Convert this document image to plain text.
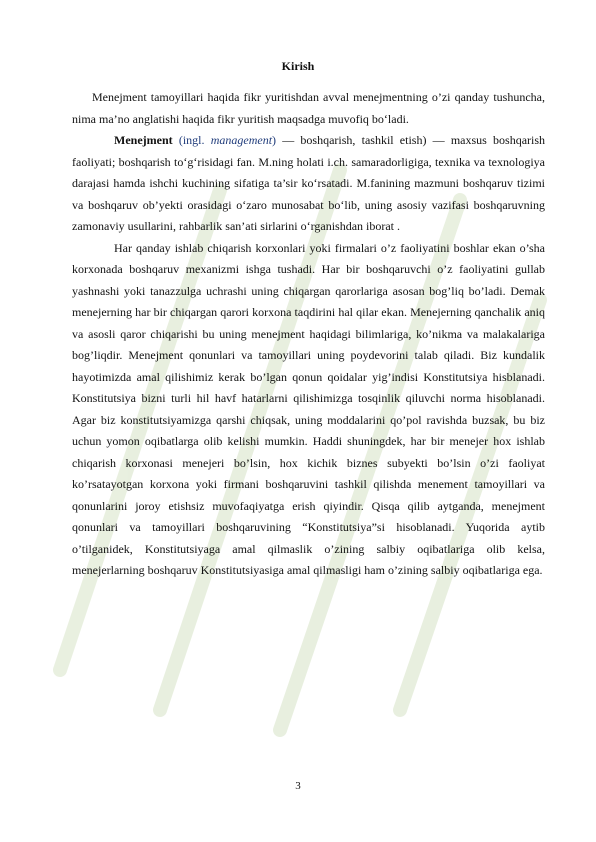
Kirish

Menejment tamoyillari haqida fikr yuritishdan avval menejmentning o’zi qanday tushuncha, nima ma’no anglatishi haqida fikr yuritish maqsadga muvofiq bo‘ladi.

Menejment (ingl. management) — boshqarish, tashkil etish) — maxsus boshqarish faoliyati; boshqarish to‘g‘risidagi fan. M.ning holati i.ch. samaradorligiga, texnika va texnologiya darajasi hamda ishchi kuchining sifatiga ta’sir ko‘rsatadi. M.fanining mazmuni boshqaruv tizimi va boshqaruv ob’yekti orasidagi o‘zaro munosabat bo‘lib, uning asosiy vazifasi boshqaruvning zamonaviy usullarini, rahbarlik san’ati sirlarini o‘rganishdan iborat .

Har qanday ishlab chiqarish korxonlari yoki firmalari o’z faoliyatini boshlar ekan o’sha korxonada boshqaruv mexanizmi ishga tushadi. Har bir boshqaruvchi o’z faoliyatini gullab yashnashi yoki tanazzulga uchrashi uning chiqargan qarorlariga asosan bog’liq bo’ladi. Demak menejerning har bir chiqargan qarori korxona taqdirini hal qilar ekan. Menejerning qanchalik aniq va asosli qaror chiqarishi bu uning menejment haqidagi bilimlariga, ko’nikma va malakalariga bog’liqdir. Menejment qonunlari va tamoyillari uning poydevorini talab qiladi. Biz kundalik hayotimizda amal qilishimiz kerak bo’lgan qonun qoidalar yig’indisi Konstitutsiya hisblanadi. Konstitutsiya bizni turli hil havf hatarlarni qilishimizga tosqinlik qiluvchi norma hisoblanadi. Agar biz konstitutsiyamizga qarshi chiqsak, uning moddalarini qo’pol ravishda buzsak, bu biz uchun yomon oqibatlarga olib kelishi mumkin. Haddi shuningdek, har bir menejer hox ishlab chiqarish korxonasi menejeri bo’lsin, hox kichik biznes subyekti bo’lsin o’zi faoliyat ko’rsatayotgan korxona yoki firmani boshqaruvini tashkil qilishda menement tamoyillari va qonunlarini joroy etishsiz muvofaqiyatga erish qiyindir. Qisqa qilib aytganda, menejment qonunlari va tamoyillari boshqaruvining “Konstitutsiya”si hisoblanadi. Yuqorida aytib o’tilganidek, Konstitutsiyaga amal qilmaslik o’zining salbiy oqibatlariga olib kelsa, menejerlarning boshqaruv Konstitutsiyasiga amal qilmasligi ham o’zining salbiy oqibatlariga ega.

3
